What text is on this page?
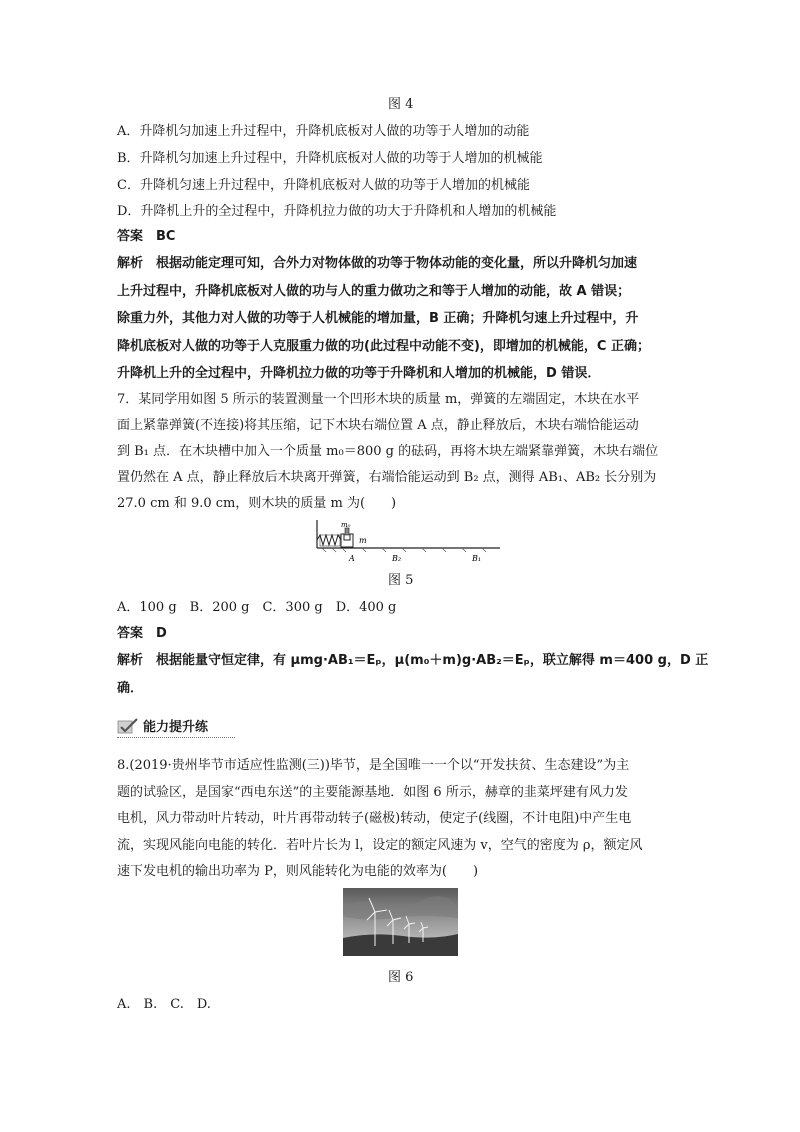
图 4
A．升降机匀加速上升过程中，升降机底板对人做的功等于人增加的动能
B．升降机匀加速上升过程中，升降机底板对人做的功等于人增加的机械能
C．升降机匀速上升过程中，升降机底板对人做的功等于人增加的机械能
D．升降机上升的全过程中，升降机拉力做的功大于升降机和人增加的机械能
答案　BC
解析　根据动能定理可知，合外力对物体做的功等于物体动能的变化量，所以升降机匀加速
上升过程中，升降机底板对人做的功与人的重力做功之和等于人增加的动能，故 A 错误；
除重力外，其他力对人做的功等于人机械能的增加量，B 正确；升降机匀速上升过程中，升
降机底板对人做的功等于人克服重力做的功(此过程中动能不变)，即增加的机械能，C 正确；
升降机上升的全过程中，升降机拉力做的功等于升降机和人增加的机械能，D 错误．
7．某同学用如图 5 所示的装置测量一个凹形木块的质量 m，弹簧的左端固定，木块在水平
面上紧靠弹簧(不连接)将其压缩，记下木块右端位置 A 点，静止释放后，木块右端恰能运动
到 B₁ 点．在木块槽中加入一个质量 m₀＝800 g 的砝码，再将木块左端紧靠弹簧，木块右端位
置仍然在 A 点，静止释放后木块离开弹簧，右端恰能运动到 B₂ 点，测得 AB₁、AB₂ 长分别为
27.0 cm 和 9.0 cm，则木块的质量 m 为(　　)
m₀
m
A	B₂	B₁
图 5
A．100 g　B．200 g　C．300 g　D．400 g
答案　D
解析　根据能量守恒定律，有 μmg·AB₁＝Eₚ，μ(m₀＋m)g·AB₂＝Eₚ，联立解得 m＝400 g，D 正
确．
能力提升练
8.(2019·贵州毕节市适应性监测(三))毕节，是全国唯一一个以“开发扶贫、生态建设”为主
题的试验区，是国家“西电东送”的主要能源基地．如图 6 所示，赫章的韭菜坪建有风力发
电机，风力带动叶片转动，叶片再带动转子(磁极)转动，使定子(线圈，不计电阻)中产生电
流，实现风能向电能的转化．若叶片长为 l，设定的额定风速为 v，空气的密度为 ρ，额定风
速下发电机的输出功率为 P，则风能转化为电能的效率为(　　)
图 6
A.　B.　C.　D.
